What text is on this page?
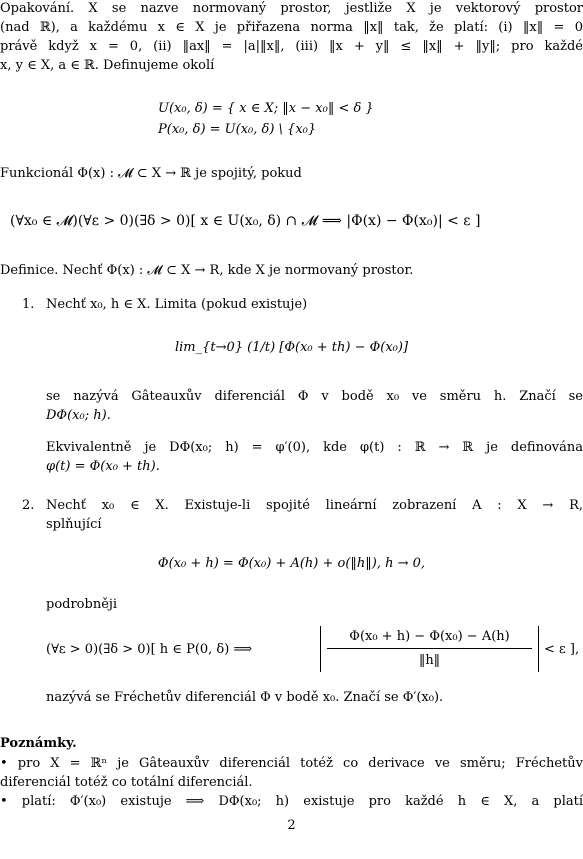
Opakování. X se nazve normovaný prostor, jestliže X je vektorový prostor
(nad ℝ), a každému x ∈ X je přiřazena norma ‖x‖ tak, že platí: (i) ‖x‖ = 0
právě když x = 0, (ii) ‖ax‖ = |a|‖x‖, (iii) ‖x + y‖ ≤ ‖x‖ + ‖y‖; pro každé
x, y ∈ X, a ∈ ℝ. Definujeme okolí
U(x₀, δ) = { x ∈ X; ‖x − x₀‖ < δ }
P(x₀, δ) = U(x₀, δ) \ {x₀}
Funkcionál Φ(x) : 𝓜 ⊂ X → ℝ je spojitý, pokud
(∀x₀ ∈ 𝓜)(∀ε > 0)(∃δ > 0)[ x ∈ U(x₀, δ) ∩ 𝓜 ⟹ |Φ(x) − Φ(x₀)| < ε ]
Definice. Nechť Φ(x) : 𝓜 ⊂ X → R, kde X je normovaný prostor.
1. Nechť x₀, h ∈ X. Limita (pokud existuje)
lim_{t→0} (1/t) [Φ(x₀ + th) − Φ(x₀)]
se nazývá Gâteauxův diferenciál Φ v bodě x₀ ve směru h. Značí se
DΦ(x₀; h).
Ekvivalentně je DΦ(x₀; h) = φ′(0), kde φ(t) : ℝ → ℝ je definována
φ(t) = Φ(x₀ + th).
2. Nechť x₀ ∈ X. Existuje-li spojité lineární zobrazení A : X → R,
splňující
Φ(x₀ + h) = Φ(x₀) + A(h) + o(‖h‖), h → 0,
podrobněji
(∀ε > 0)(∃δ > 0)[ h ∈ P(0, δ) ⟹
Φ(x₀ + h) − Φ(x₀) − A(h)
‖h‖
< ε ],
nazývá se Fréchetův diferenciál Φ v bodě x₀. Značí se Φ′(x₀).
Poznámky.
• pro X = ℝⁿ je Gâteauxův diferenciál totéž co derivace ve směru; Fréchetův
diferenciál totéž co totální diferenciál.
• platí: Φ′(x₀) existuje ⟹ DΦ(x₀; h) existuje pro každé h ∈ X, a platí
2
